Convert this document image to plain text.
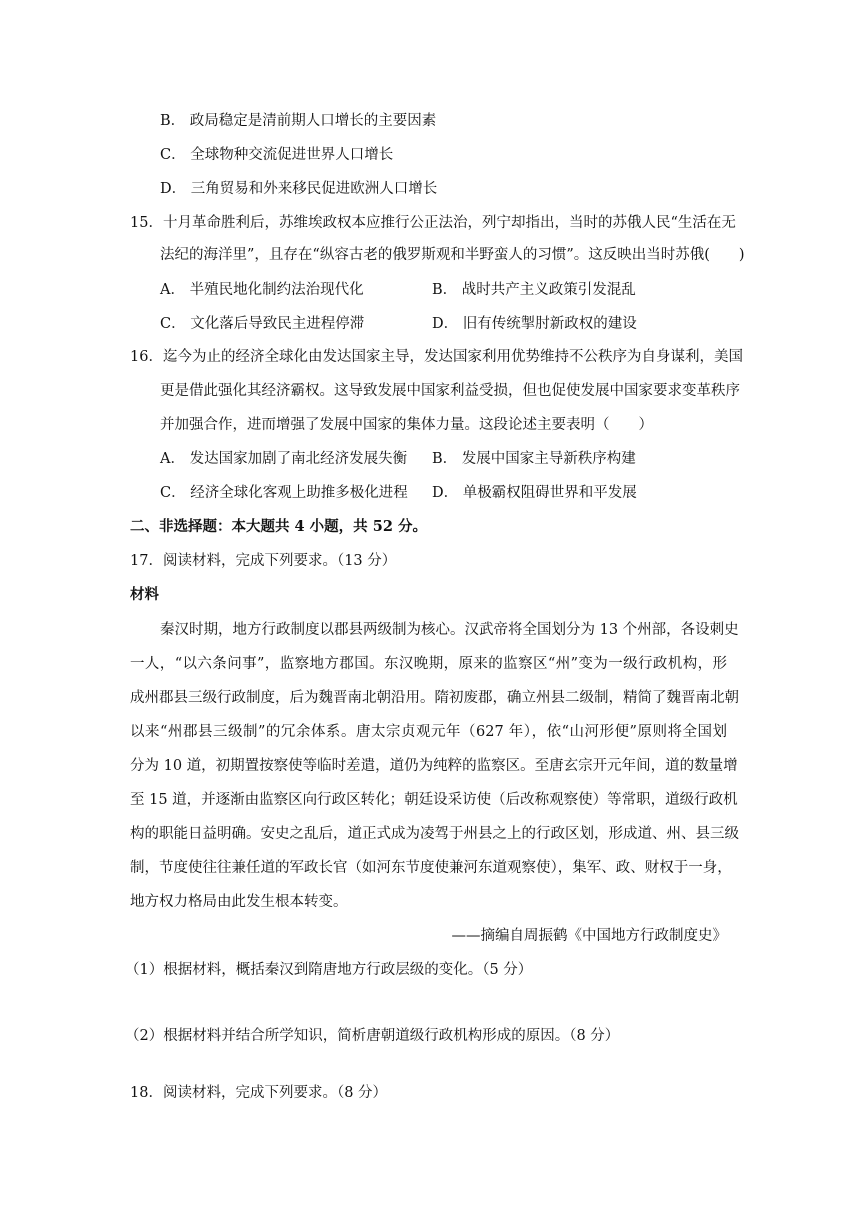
B． 政局稳定是清前期人口增长的主要因素
C． 全球物种交流促进世界人口增长
D． 三角贸易和外来移民促进欧洲人口增长
15．十月革命胜利后，苏维埃政权本应推行公正法治，列宁却指出，当时的苏俄人民“生活在无
法纪的海洋里”，且存在“纵容古老的俄罗斯观和半野蛮人的习惯”。这反映出当时苏俄(　　)
A． 半殖民地化制约法治现代化	B． 战时共产主义政策引发混乱
C． 文化落后导致民主进程停滞	D． 旧有传统掣肘新政权的建设
16．迄今为止的经济全球化由发达国家主导，发达国家利用优势维持不公秩序为自身谋利，美国
更是借此强化其经济霸权。这导致发展中国家利益受损，但也促使发展中国家要求变革秩序
并加强合作，进而增强了发展中国家的集体力量。这段论述主要表明（　　）
A． 发达国家加剧了南北经济发展失衡 B． 发展中国家主导新秩序构建
C． 经济全球化客观上助推多极化进程 D． 单极霸权阻碍世界和平发展
二、非选择题：本大题共 4 小题，共 52 分。
17．阅读材料，完成下列要求。（13 分）
材料
秦汉时期，地方行政制度以郡县两级制为核心。汉武帝将全国划分为 13 个州部，各设刺史
一人，“以六条问事”，监察地方郡国。东汉晚期，原来的监察区“州”变为一级行政机构，形
成州郡县三级行政制度，后为魏晋南北朝沿用。隋初废郡，确立州县二级制，精简了魏晋南北朝
以来“州郡县三级制”的冗余体系。唐太宗贞观元年（627 年），依“山河形便”原则将全国划
分为 10 道，初期置按察使等临时差遣，道仍为纯粹的监察区。至唐玄宗开元年间，道的数量增
至 15 道，并逐渐由监察区向行政区转化；朝廷设采访使（后改称观察使）等常职，道级行政机
构的职能日益明确。安史之乱后，道正式成为凌驾于州县之上的行政区划，形成道、州、县三级
制，节度使往往兼任道的军政长官（如河东节度使兼河东道观察使），集军、政、财权于一身，
地方权力格局由此发生根本转变。
——摘编自周振鹤《中国地方行政制度史》
（1）根据材料，概括秦汉到隋唐地方行政层级的变化。（5 分）
（2）根据材料并结合所学知识，简析唐朝道级行政机构形成的原因。（8 分）
18．阅读材料，完成下列要求。（8 分）
